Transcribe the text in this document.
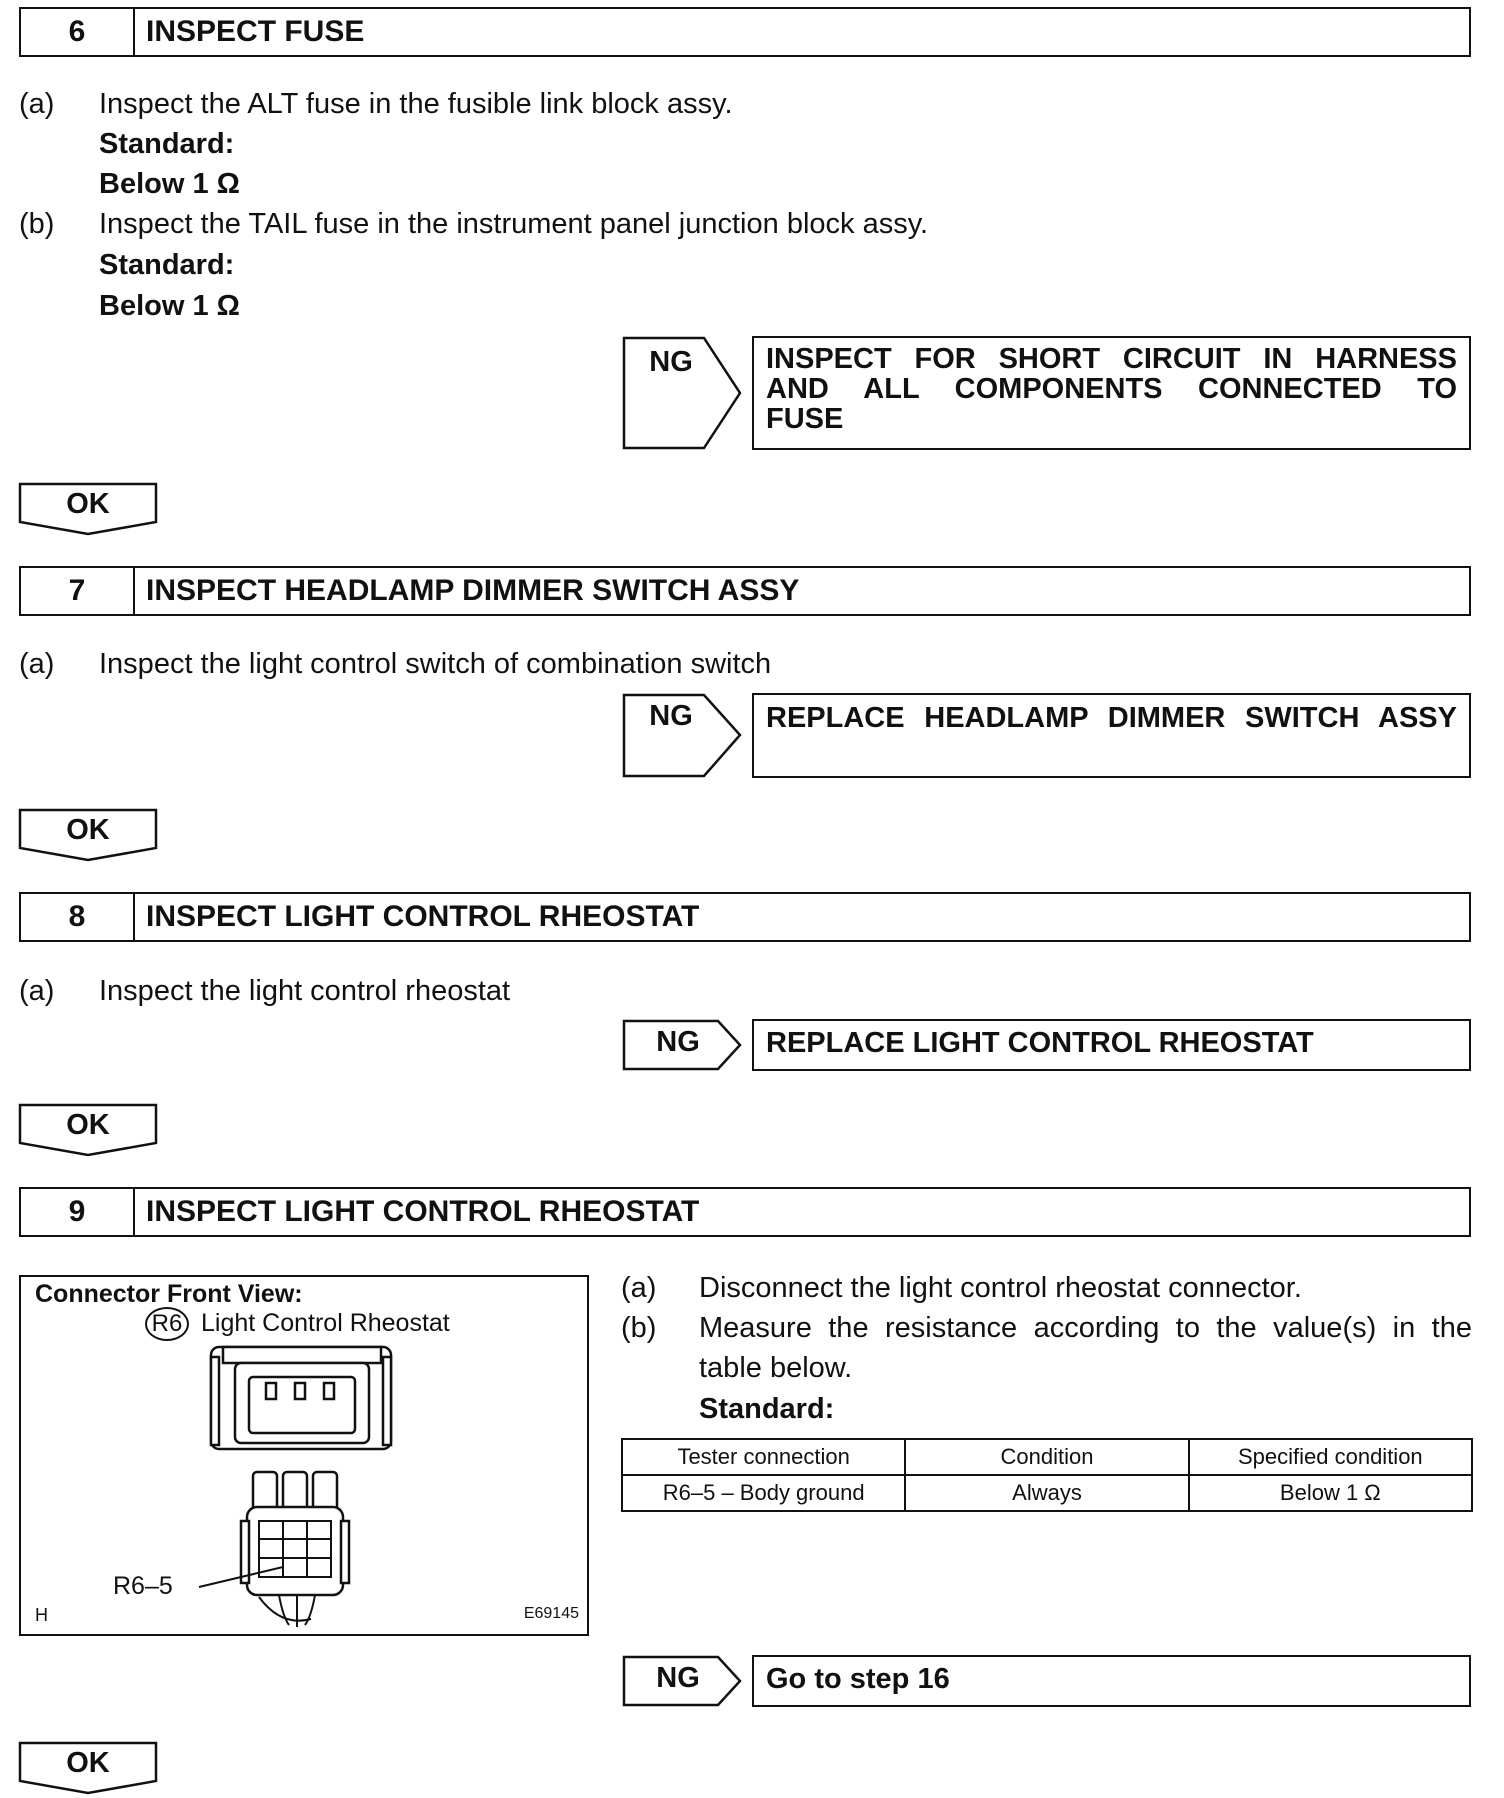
6	INSPECT FUSE
(a) Inspect the ALT fuse in the fusible link block assy.
Standard:
Below 1 Ω
(b) Inspect the TAIL fuse in the instrument panel junction block assy.
Standard:
Below 1 Ω
NG	INSPECT FOR SHORT CIRCUIT IN HARNESS
AND ALL COMPONENTS CONNECTED TO
FUSE
OK
7	INSPECT HEADLAMP DIMMER SWITCH ASSY
(a) Inspect the light control switch of combination switch
NG	REPLACE HEADLAMP DIMMER SWITCH ASSY
OK
8	INSPECT LIGHT CONTROL RHEOSTAT
(a) Inspect the light control rheostat
NG	REPLACE LIGHT CONTROL RHEOSTAT
OK
9	INSPECT LIGHT CONTROL RHEOSTAT
Connector Front View:
R6 Light Control Rheostat
R6–5
H	E69145
(a) Disconnect the light control rheostat connector.
(b) Measure the resistance according to the value(s) in the
table below.
Standard:
Tester connection	Condition	Specified condition
R6–5 – Body ground	Always	Below 1 Ω
NG	Go to step 16
OK
